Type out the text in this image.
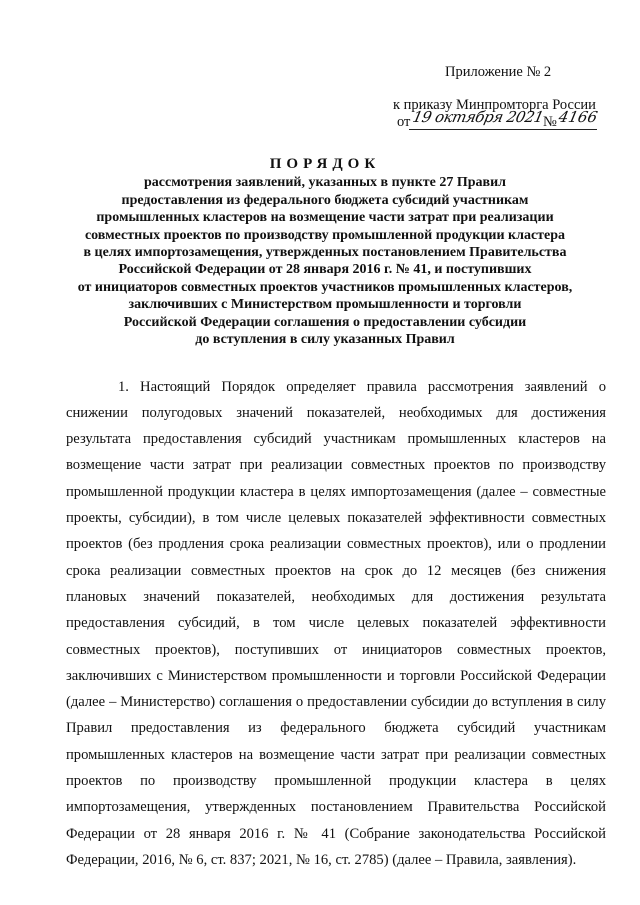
Приложение № 2
к приказу Минпромторга России
от 19 октября 2021
№ 4166
ПОРЯДОК
рассмотрения заявлений, указанных в пункте 27 Правил
предоставления из федерального бюджета субсидий участникам
промышленных кластеров на возмещение части затрат при реализации
совместных проектов по производству промышленной продукции кластера
в целях импортозамещения, утвержденных постановлением Правительства
Российской Федерации от 28 января 2016 г. № 41, и поступивших
от инициаторов совместных проектов участников промышленных кластеров,
заключивших с Министерством промышленности и торговли
Российской Федерации соглашения о предоставлении субсидии
до вступления в силу указанных Правил

1. Настоящий Порядок определяет правила рассмотрения заявлений о снижении полугодовых значений показателей, необходимых для достижения результата предоставления субсидий участникам промышленных кластеров на возмещение части затрат при реализации совместных проектов по производству промышленной продукции кластера в целях импортозамещения (далее – совместные проекты, субсидии), в том числе целевых показателей эффективности совместных проектов (без продления срока реализации совместных проектов), или о продлении срока реализации совместных проектов на срок до 12 месяцев (без снижения плановых значений показателей, необходимых для достижения результата предоставления субсидий, в том числе целевых показателей эффективности совместных проектов), поступивших от инициаторов совместных проектов, заключивших с Министерством промышленности и торговли Российской Федерации (далее – Министерство) соглашения о предоставлении субсидии до вступления в силу Правил предоставления из федерального бюджета субсидий участникам промышленных кластеров на возмещение части затрат при реализации совместных проектов по производству промышленной продукции кластера в целях импортозамещения, утвержденных постановлением Правительства Российской Федерации от 28 января 2016 г. № 41 (Собрание законодательства Российской Федерации, 2016, № 6, ст. 837; 2021, № 16, ст. 2785) (далее – Правила, заявления).
